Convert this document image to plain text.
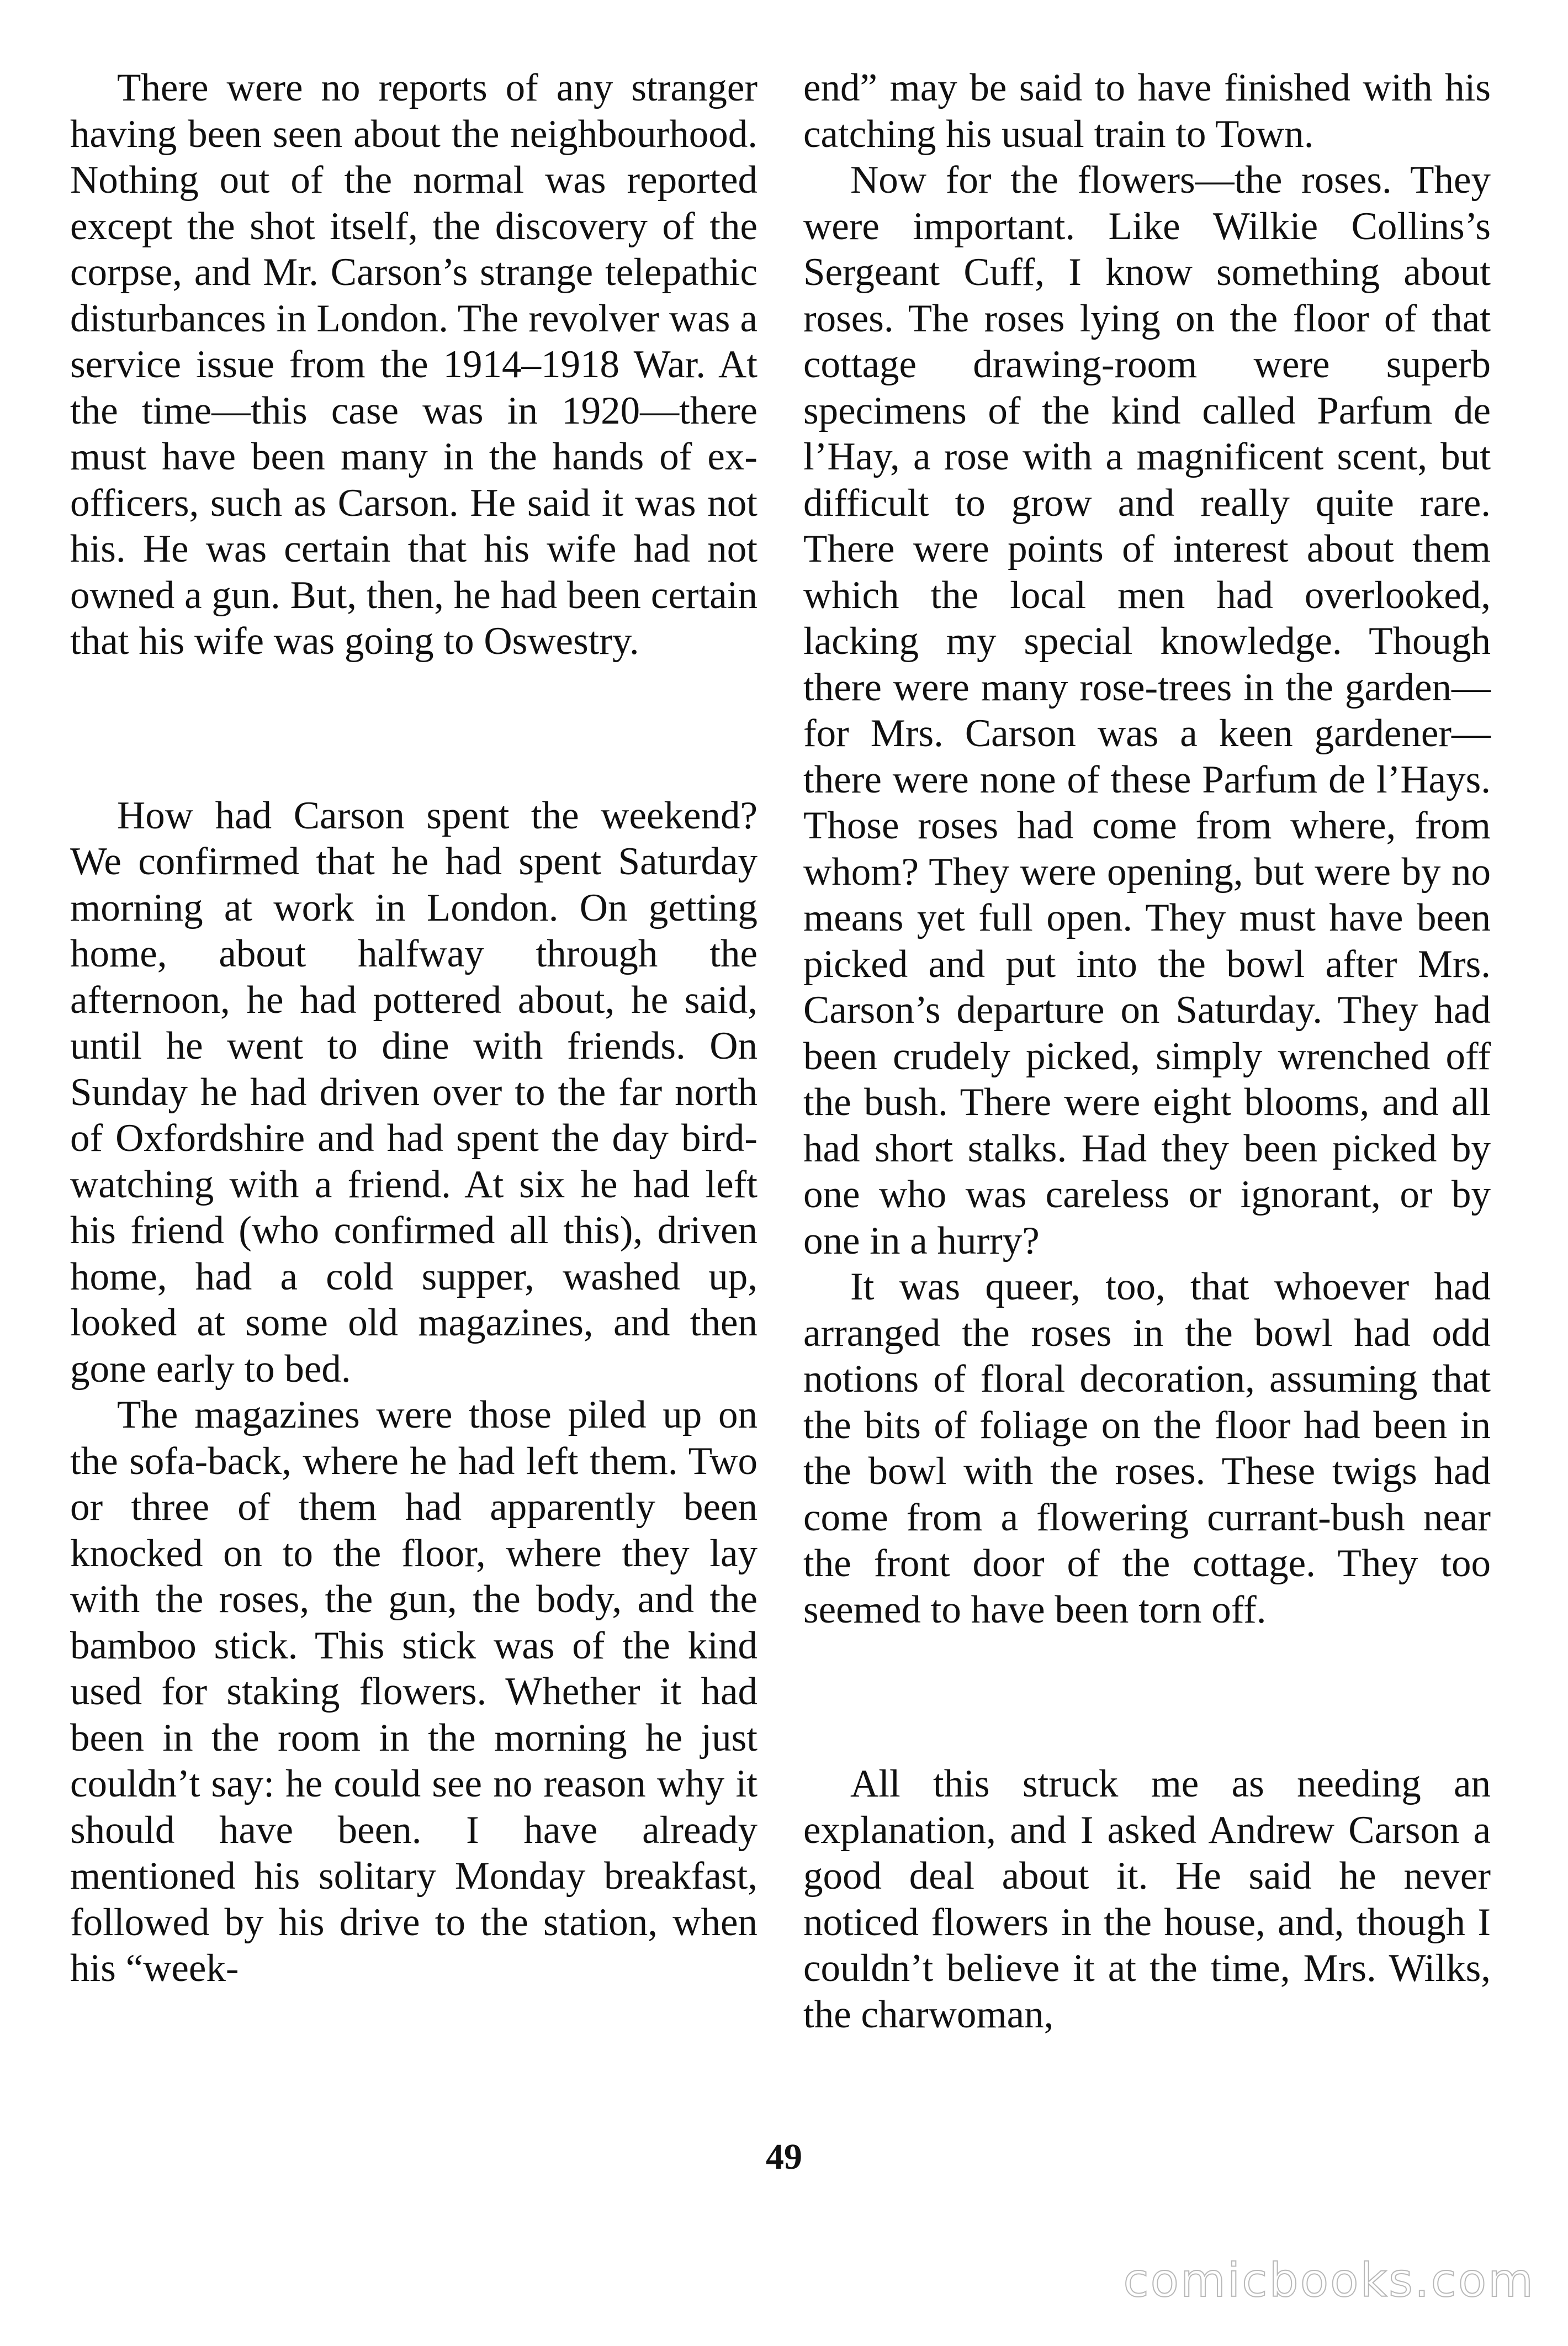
There were no reports of any stranger having been seen about the neighbourhood. Nothing out of the normal was reported except the shot itself, the discovery of the corpse, and Mr. Carson’s strange telepathic disturbances in London. The revolver was a service issue from the 1914–1918 War. At the time—this case was in 1920—there must have been many in the hands of ex-officers, such as Carson. He said it was not his. He was certain that his wife had not owned a gun. But, then, he had been certain that his wife was going to Oswestry.

How had Carson spent the weekend? We confirmed that he had spent Saturday morning at work in London. On getting home, about halfway through the afternoon, he had pottered about, he said, until he went to dine with friends. On Sunday he had driven over to the far north of Oxfordshire and had spent the day bird-watching with a friend. At six he had left his friend (who confirmed all this), driven home, had a cold supper, washed up, looked at some old magazines, and then gone early to bed.

The magazines were those piled up on the sofa-back, where he had left them. Two or three of them had apparently been knocked on to the floor, where they lay with the roses, the gun, the body, and the bamboo stick. This stick was of the kind used for staking flowers. Whether it had been in the room in the morning he just couldn’t say: he could see no reason why it should have been. I have already mentioned his solitary Monday breakfast, followed by his drive to the station, when his “week-

end” may be said to have finished with his catching his usual train to Town.

Now for the flowers—the roses. They were important. Like Wilkie Collins’s Sergeant Cuff, I know something about roses. The roses lying on the floor of that cottage drawing-room were superb specimens of the kind called Parfum de l’Hay, a rose with a magnificent scent, but difficult to grow and really quite rare. There were points of interest about them which the local men had overlooked, lacking my special knowledge. Though there were many rose-trees in the garden—for Mrs. Carson was a keen gardener—there were none of these Parfum de l’Hays. Those roses had come from where, from whom? They were opening, but were by no means yet full open. They must have been picked and put into the bowl after Mrs. Carson’s departure on Saturday. They had been crudely picked, simply wrenched off the bush. There were eight blooms, and all had short stalks. Had they been picked by one who was careless or ignorant, or by one in a hurry?

It was queer, too, that whoever had arranged the roses in the bowl had odd notions of floral decoration, assuming that the bits of foliage on the floor had been in the bowl with the roses. These twigs had come from a flowering currant-bush near the front door of the cottage. They too seemed to have been torn off.

All this struck me as needing an explanation, and I asked Andrew Carson a good deal about it. He said he never noticed flowers in the house, and, though I couldn’t believe it at the time, Mrs. Wilks, the charwoman,

49
comicbooks.com
